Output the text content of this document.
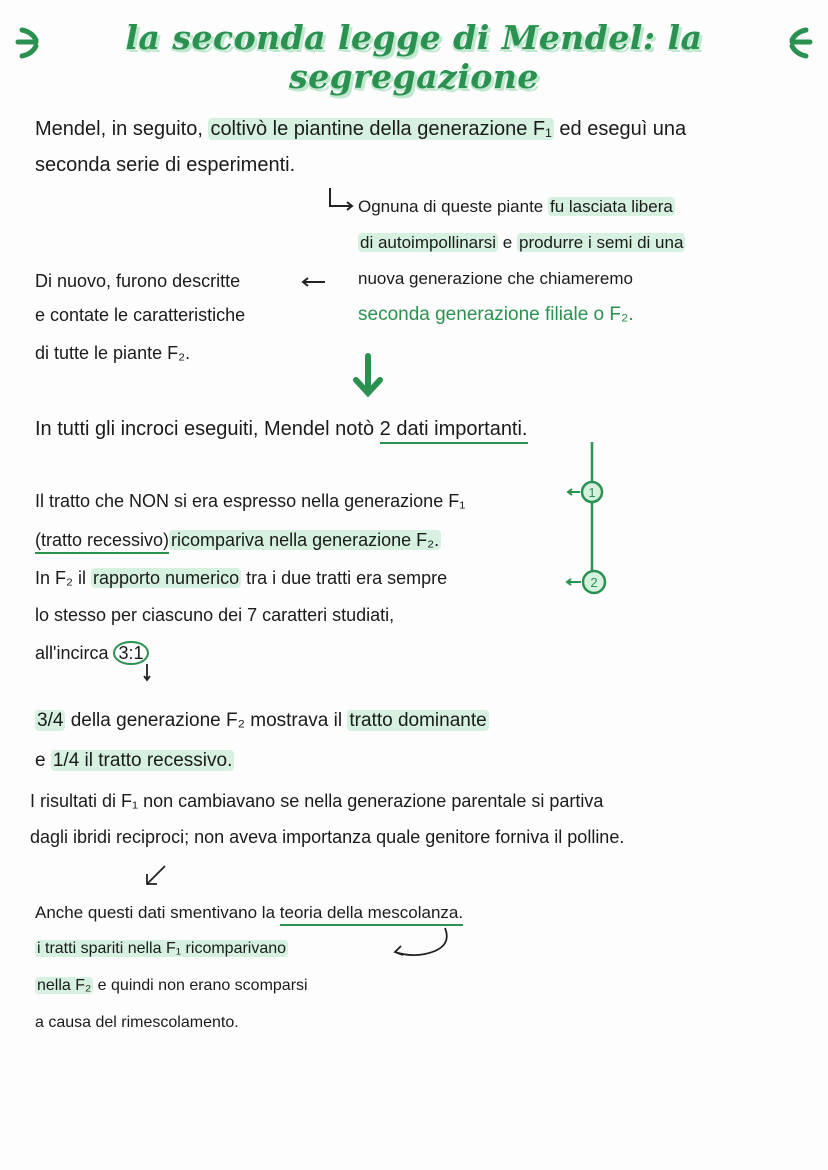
la seconda legge di Mendel: la segregazione
1
2
Mendel, in seguito, coltivò le piantine della generazione F₁ ed eseguì una
seconda serie di esperimenti.
Ognuna di queste piante fu lasciata libera
di autoimpollinarsi e produrre i semi di una
nuova generazione che chiameremo
seconda generazione filiale o F₂.
Di nuovo, furono descritte
e contate le caratteristiche
di tutte le piante F₂.
In tutti gli incroci eseguiti, Mendel notò 2 dati importanti.
Il tratto che NON si era espresso nella generazione F₁
(tratto recessivo) ricompariva nella generazione F₂.
In F₂ il rapporto numerico tra i due tratti era sempre
lo stesso per ciascuno dei 7 caratteri studiati,
all'incirca 3:1
3/4 della generazione F₂ mostrava il tratto dominante
e 1/4 il tratto recessivo.
I risultati di F₁ non cambiavano se nella generazione parentale si partiva
dagli ibridi reciproci; non aveva importanza quale genitore forniva il polline.
Anche questi dati smentivano la teoria della mescolanza.
i tratti spariti nella F₁ ricomparivano
nella F₂ e quindi non erano scomparsi
a causa del rimescolamento.
